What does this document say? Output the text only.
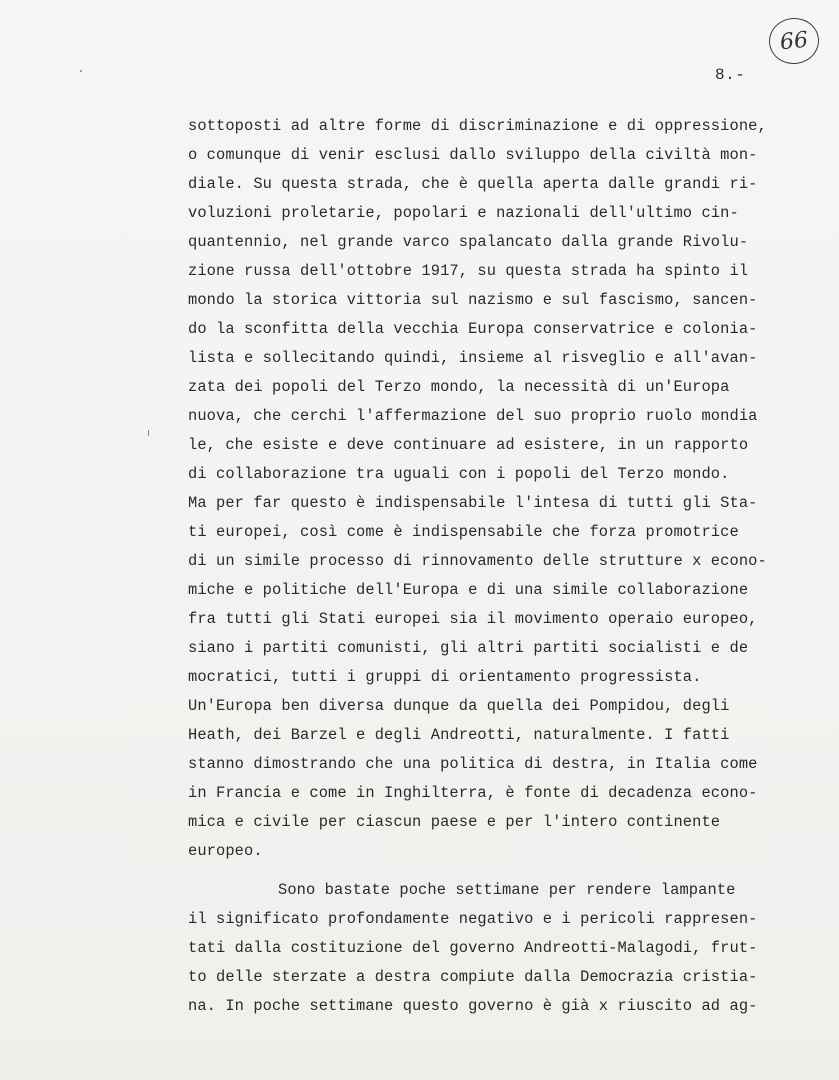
66
8.-
sottoposti ad altre forme di discriminazione e di oppressione,
o comunque di venir esclusi dallo sviluppo della civiltà mon-
diale. Su questa strada, che è quella aperta dalle grandi ri-
voluzioni proletarie, popolari e nazionali dell'ultimo cin-
quantennio, nel grande varco spalancato dalla grande Rivolu-
zione russa dell'ottobre 1917, su questa strada ha spinto il
mondo la storica vittoria sul nazismo e sul fascismo, sancen-
do la sconfitta della vecchia Europa conservatrice e colonia-
lista e sollecitando quindi, insieme al risveglio e all'avan-
zata dei popoli del Terzo mondo, la necessità di un'Europa
nuova, che cerchi l'affermazione del suo proprio ruolo mondia
le, che esiste e deve continuare ad esistere, in un rapporto
di collaborazione tra uguali con i popoli del Terzo mondo.
Ma per far questo è indispensabile l'intesa di tutti gli Sta-
ti europei, così come è indispensabile che forza promotrice
di un simile processo di rinnovamento delle strutture x econo-
miche e politiche dell'Europa e di una simile collaborazione
fra tutti gli Stati europei sia il movimento operaio europeo,
siano i partiti comunisti, gli altri partiti socialisti e de
mocratici, tutti i gruppi di orientamento progressista.
Un'Europa ben diversa dunque da quella dei Pompidou, degli
Heath, dei Barzel e degli Andreotti, naturalmente. I fatti
stanno dimostrando che una politica di destra, in Italia come
in Francia e come in Inghilterra, è fonte di decadenza econo-
mica e civile per ciascun paese e per l'intero continente
europeo.
Sono bastate poche settimane per rendere lampante
il significato profondamente negativo e i pericoli rappresen-
tati dalla costituzione del governo Andreotti-Malagodi, frut-
to delle sterzate a destra compiute dalla Democrazia cristia-
na. In poche settimane questo governo è già x riuscito ad ag-
